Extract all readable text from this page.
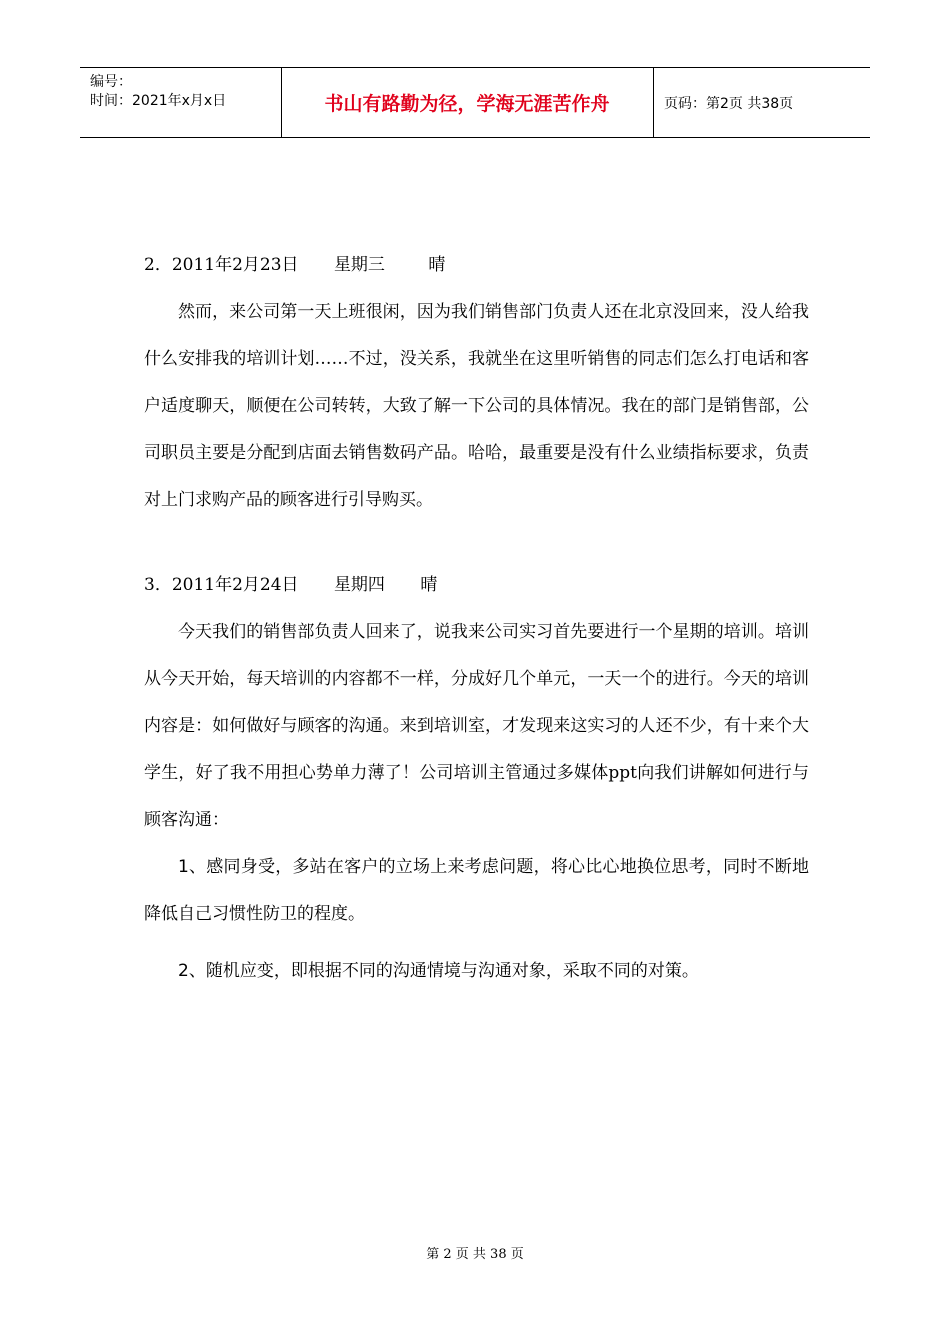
编号：
时间：2021年x月x日	书山有路勤为径，学海无涯苦作舟	页码：第2页 共38页
2．2011年2月23日 星期三	晴

然而，来公司第一天上班很闲，因为我们销售部门负责人还在北京没回来，没人给我什么安排我的培训计划……不过，没关系，我就坐在这里听销售的同志们怎么打电话和客户适度聊天，顺便在公司转转，大致了解一下公司的具体情况。我在的部门是销售部，公司职员主要是分配到店面去销售数码产品。哈哈，最重要是没有什么业绩指标要求，负责对上门求购产品的顾客进行引导购买。

3．2011年2月24日 星期四 晴

今天我们的销售部负责人回来了，说我来公司实习首先要进行一个星期的培训。培训从今天开始，每天培训的内容都不一样，分成好几个单元，一天一个的进行。今天的培训内容是：如何做好与顾客的沟通。来到培训室，才发现来这实习的人还不少，有十来个大学生，好了我不用担心势单力薄了！公司培训主管通过多媒体ppt向我们讲解如何进行与顾客沟通：

1、感同身受，多站在客户的立场上来考虑问题，将心比心地换位思考，同时不断地降低自己习惯性防卫的程度。

2、随机应变，即根据不同的沟通情境与沟通对象，采取不同的对策。

第 2 页 共 38 页
